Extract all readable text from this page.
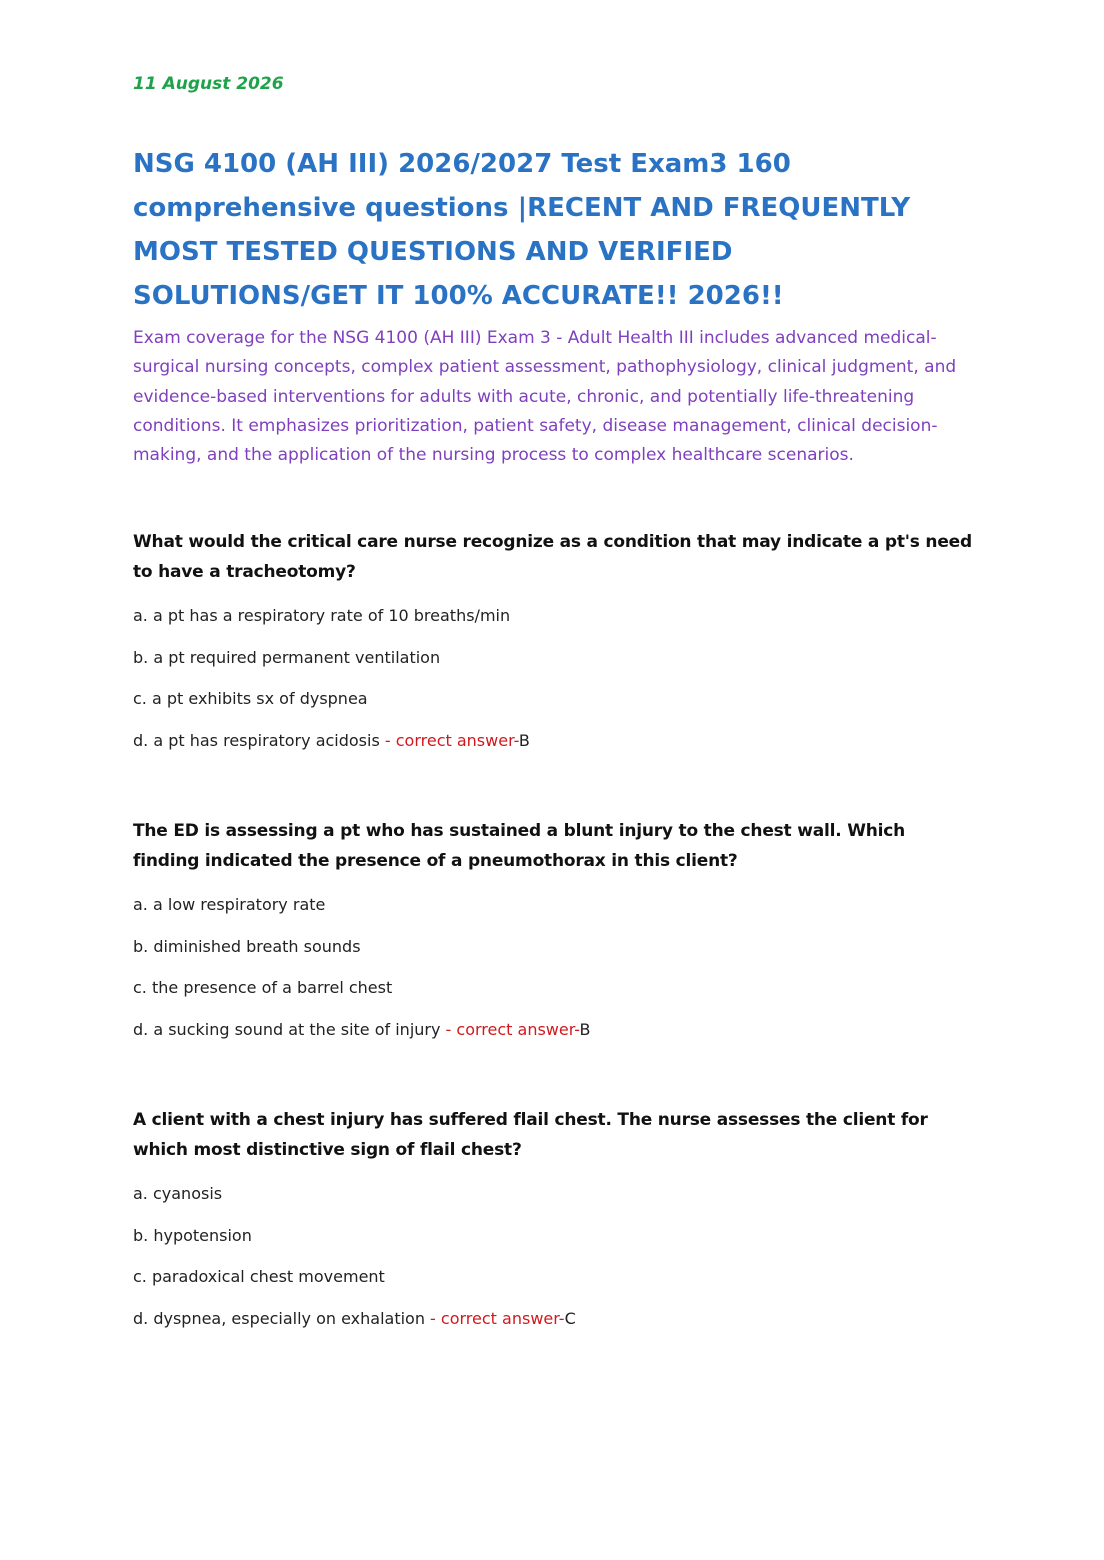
11 August 2026

NSG 4100 (AH III) 2026/2027 Test Exam3 160 comprehensive questions |RECENT AND FREQUENTLY MOST TESTED QUESTIONS AND VERIFIED SOLUTIONS/GET IT 100% ACCURATE!! 2026!!

Exam coverage for the NSG 4100 (AH III) Exam 3 - Adult Health III includes advanced medical-surgical nursing concepts, complex patient assessment, pathophysiology, clinical judgment, and evidence-based interventions for adults with acute, chronic, and potentially life-threatening conditions. It emphasizes prioritization, patient safety, disease management, clinical decision-making, and the application of the nursing process to complex healthcare scenarios.

What would the critical care nurse recognize as a condition that may indicate a pt's need to have a tracheotomy?

a. a pt has a respiratory rate of 10 breaths/min
b. a pt required permanent ventilation
c. a pt exhibits sx of dyspnea
d. a pt has respiratory acidosis - correct answer-B

The ED is assessing a pt who has sustained a blunt injury to the chest wall. Which finding indicated the presence of a pneumothorax in this client?

a. a low respiratory rate
b. diminished breath sounds
c. the presence of a barrel chest
d. a sucking sound at the site of injury - correct answer-B

A client with a chest injury has suffered flail chest. The nurse assesses the client for which most distinctive sign of flail chest?

a. cyanosis
b. hypotension
c. paradoxical chest movement
d. dyspnea, especially on exhalation - correct answer-C
